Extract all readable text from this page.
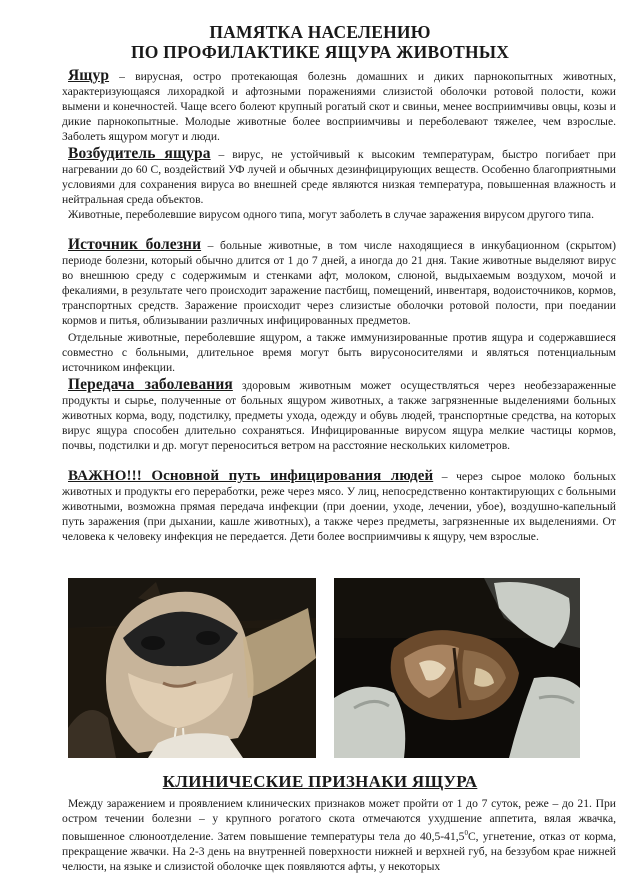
ПАМЯТКА НАСЕЛЕНИЮ

ПО ПРОФИЛАКТИКЕ ЯЩУРА ЖИВОТНЫХ

Ящур – вирусная, остро протекающая болезнь домашних и диких парнокопытных животных, характеризующаяся лихорадкой и афтозными поражениями слизистой оболочки ротовой полости, кожи вымени и конечностей. Чаще всего болеют крупный рогатый скот и свиньи, менее восприимчивы овцы, козы и дикие парнокопытные. Молодые животные более восприимчивы и переболевают тяжелее, чем взрослые. Заболеть ящуром могут и люди.

Возбудитель ящура – вирус, не устойчивый к высоким температурам, быстро погибает при нагревании до 60 С, воздействий УФ лучей и обычных дезинфицирующих веществ. Особенно благоприятными условиями для сохранения вируса во внешней среде являются низкая температура, повышенная влажность и нейтральная среда объектов.

Животные, переболевшие вирусом одного типа, могут заболеть в случае заражения вирусом другого типа.

Источник болезни – больные животные, в том числе находящиеся в инкубационном (скрытом) периоде болезни, который обычно длится от 1 до 7 дней, а иногда до 21 дня. Такие животные выделяют вирус во внешнюю среду с содержимым и стенками афт, молоком, слюной, выдыхаемым воздухом, мочой и фекалиями, в результате чего происходит заражение пастбищ, помещений, инвентаря, водоисточников, кормов, транспортных средств. Заражение происходит через слизистые оболочки ротовой полости, при поедании кормов и питья, облизывании различных инфицированных предметов.

Отдельные животные, переболевшие ящуром, а также иммунизированные против ящура и содержавшиеся совместно с больными, длительное время могут быть вирусоносителями и являться потенциальным источником инфекции.

Передача заболевания здоровым животным может осуществляться через необеззараженные продукты и сырье, полученные от больных ящуром животных, а также загрязненные выделениями больных животных корма, воду, подстилку, предметы ухода, одежду и обувь людей, транспортные средства, на которых вирус ящура способен длительно сохраняться. Инфицированные вирусом ящура мелкие частицы кормов, почвы, подстилки и др. могут переноситься ветром на расстояние нескольких километров.

ВАЖНО!!! Основной путь инфицирования людей – через сырое молоко больных животных и продукты его переработки, реже через мясо. У лиц, непосредственно контактирующих с больными животными, возможна прямая передача инфекции (при доении, уходе, лечении, убое), воздушно-капельный путь заражения (при дыхании, кашле животных), а также через предметы, загрязненные их выделениями. От человека к человеку инфекция не передается. Дети более восприимчивы к ящуру, чем взрослые.

КЛИНИЧЕСКИЕ ПРИЗНАКИ ЯЩУРА

Между заражением и проявлением клинических признаков может пройти от 1 до 7 суток, реже – до 21. При остром течении болезни – у крупного рогатого скота отмечаются ухудшение аппетита, вялая жвачка, повышенное слюноотделение. Затем повышение температуры тела до 40,5-41,5$^0$С, угнетение, отказ от корма, прекращение жвачки. На 2-3 день на внутренней поверхности нижней и верхней губ, на беззубом крае нижней челюсти, на языке и слизистой оболочке щек появляются афты, у некоторых
